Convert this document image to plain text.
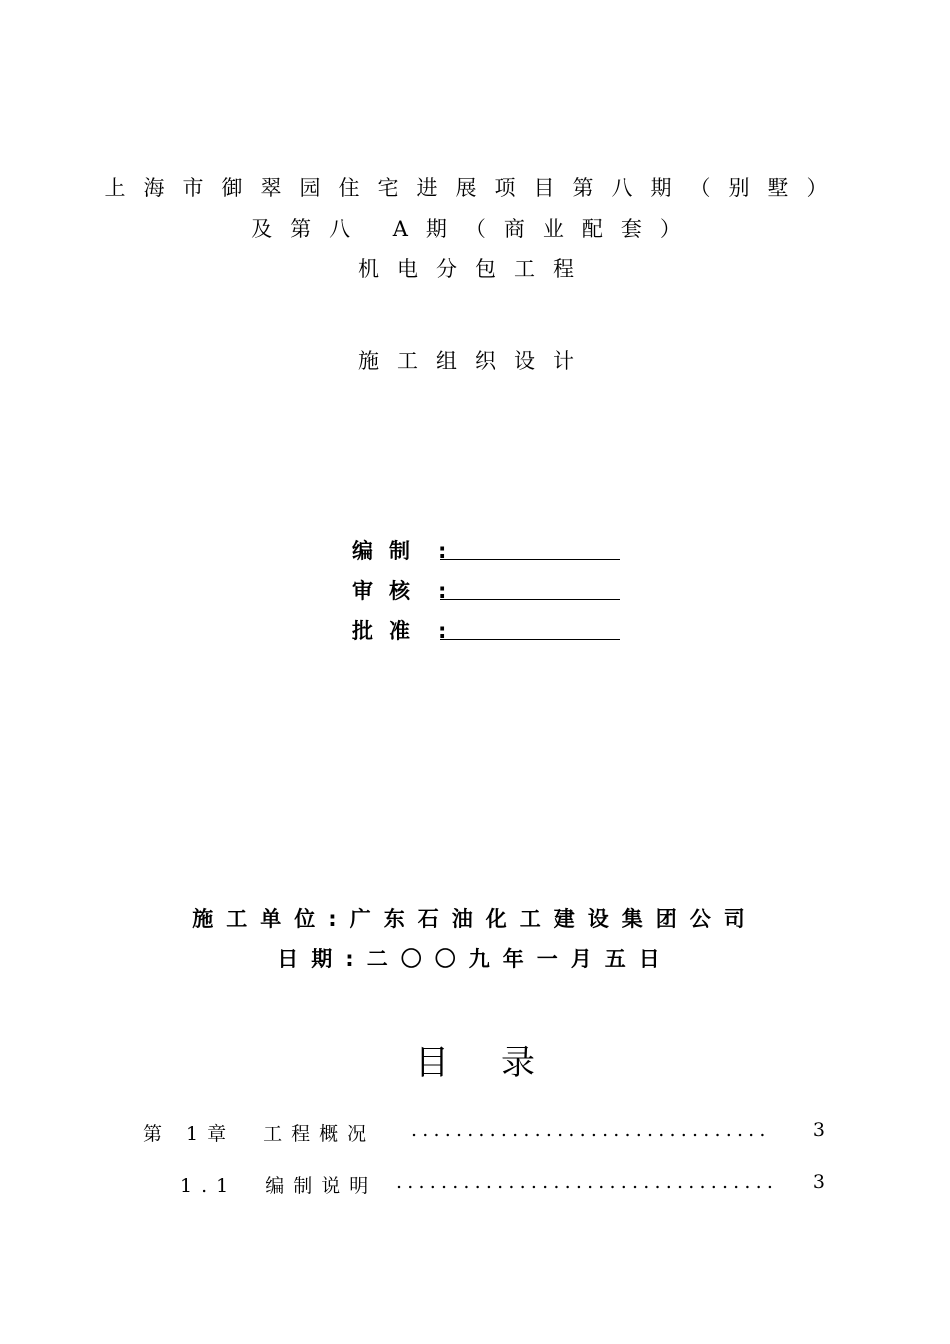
上海市御翠园住宅进展项目第八期（别墅）
及第八 A期（商业配套）
机电分包工程
施工组织设计
编制 :
审核 :
批准 :
施工单位:广东石油化工建设集团公司
日期:二〇〇九年一月五日
目录
第 1章　工程概况 ................................	3
1.1　编制说明 ..................................	3
